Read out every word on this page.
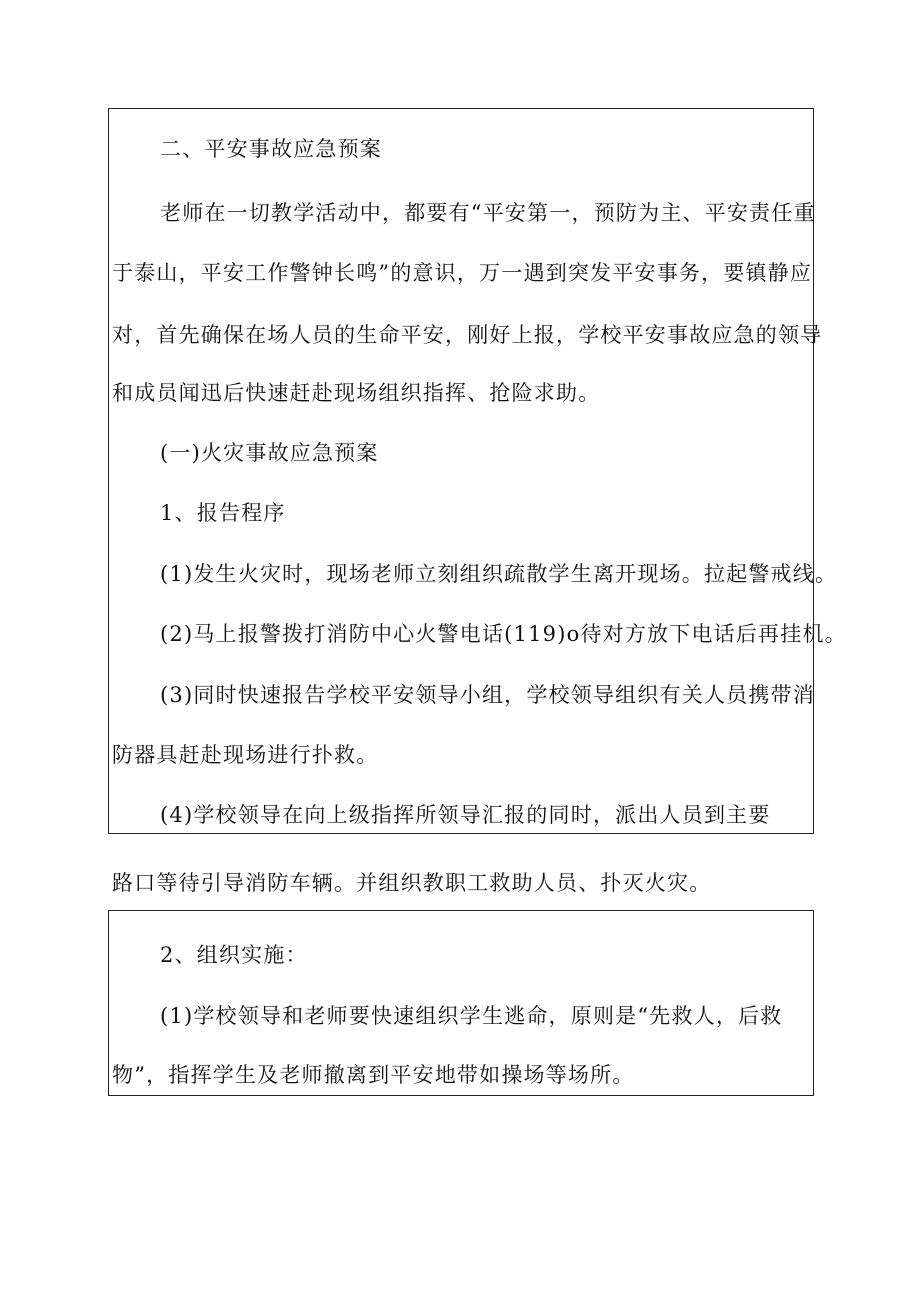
二、平安事故应急预案
老师在一切教学活动中，都要有“平安第一，预防为主、平安责任重
于泰山，平安工作警钟长鸣”的意识，万一遇到突发平安事务，要镇静应
对，首先确保在场人员的生命平安，刚好上报，学校平安事故应急的领导
和成员闻迅后快速赶赴现场组织指挥、抢险求助。
(一)火灾事故应急预案
1、报告程序
(1)发生火灾时，现场老师立刻组织疏散学生离开现场。拉起警戒线。
(2)马上报警拨打消防中心火警电话(119)o待对方放下电话后再挂机。
(3)同时快速报告学校平安领导小组，学校领导组织有关人员携带消
防器具赶赴现场进行扑救。
(4)学校领导在向上级指挥所领导汇报的同时，派出人员到主要
路口等待引导消防车辆。并组织教职工救助人员、扑灭火灾。
2、组织实施：
(1)学校领导和老师要快速组织学生逃命，原则是“先救人，后救
物”，指挥学生及老师撤离到平安地带如操场等场所。
